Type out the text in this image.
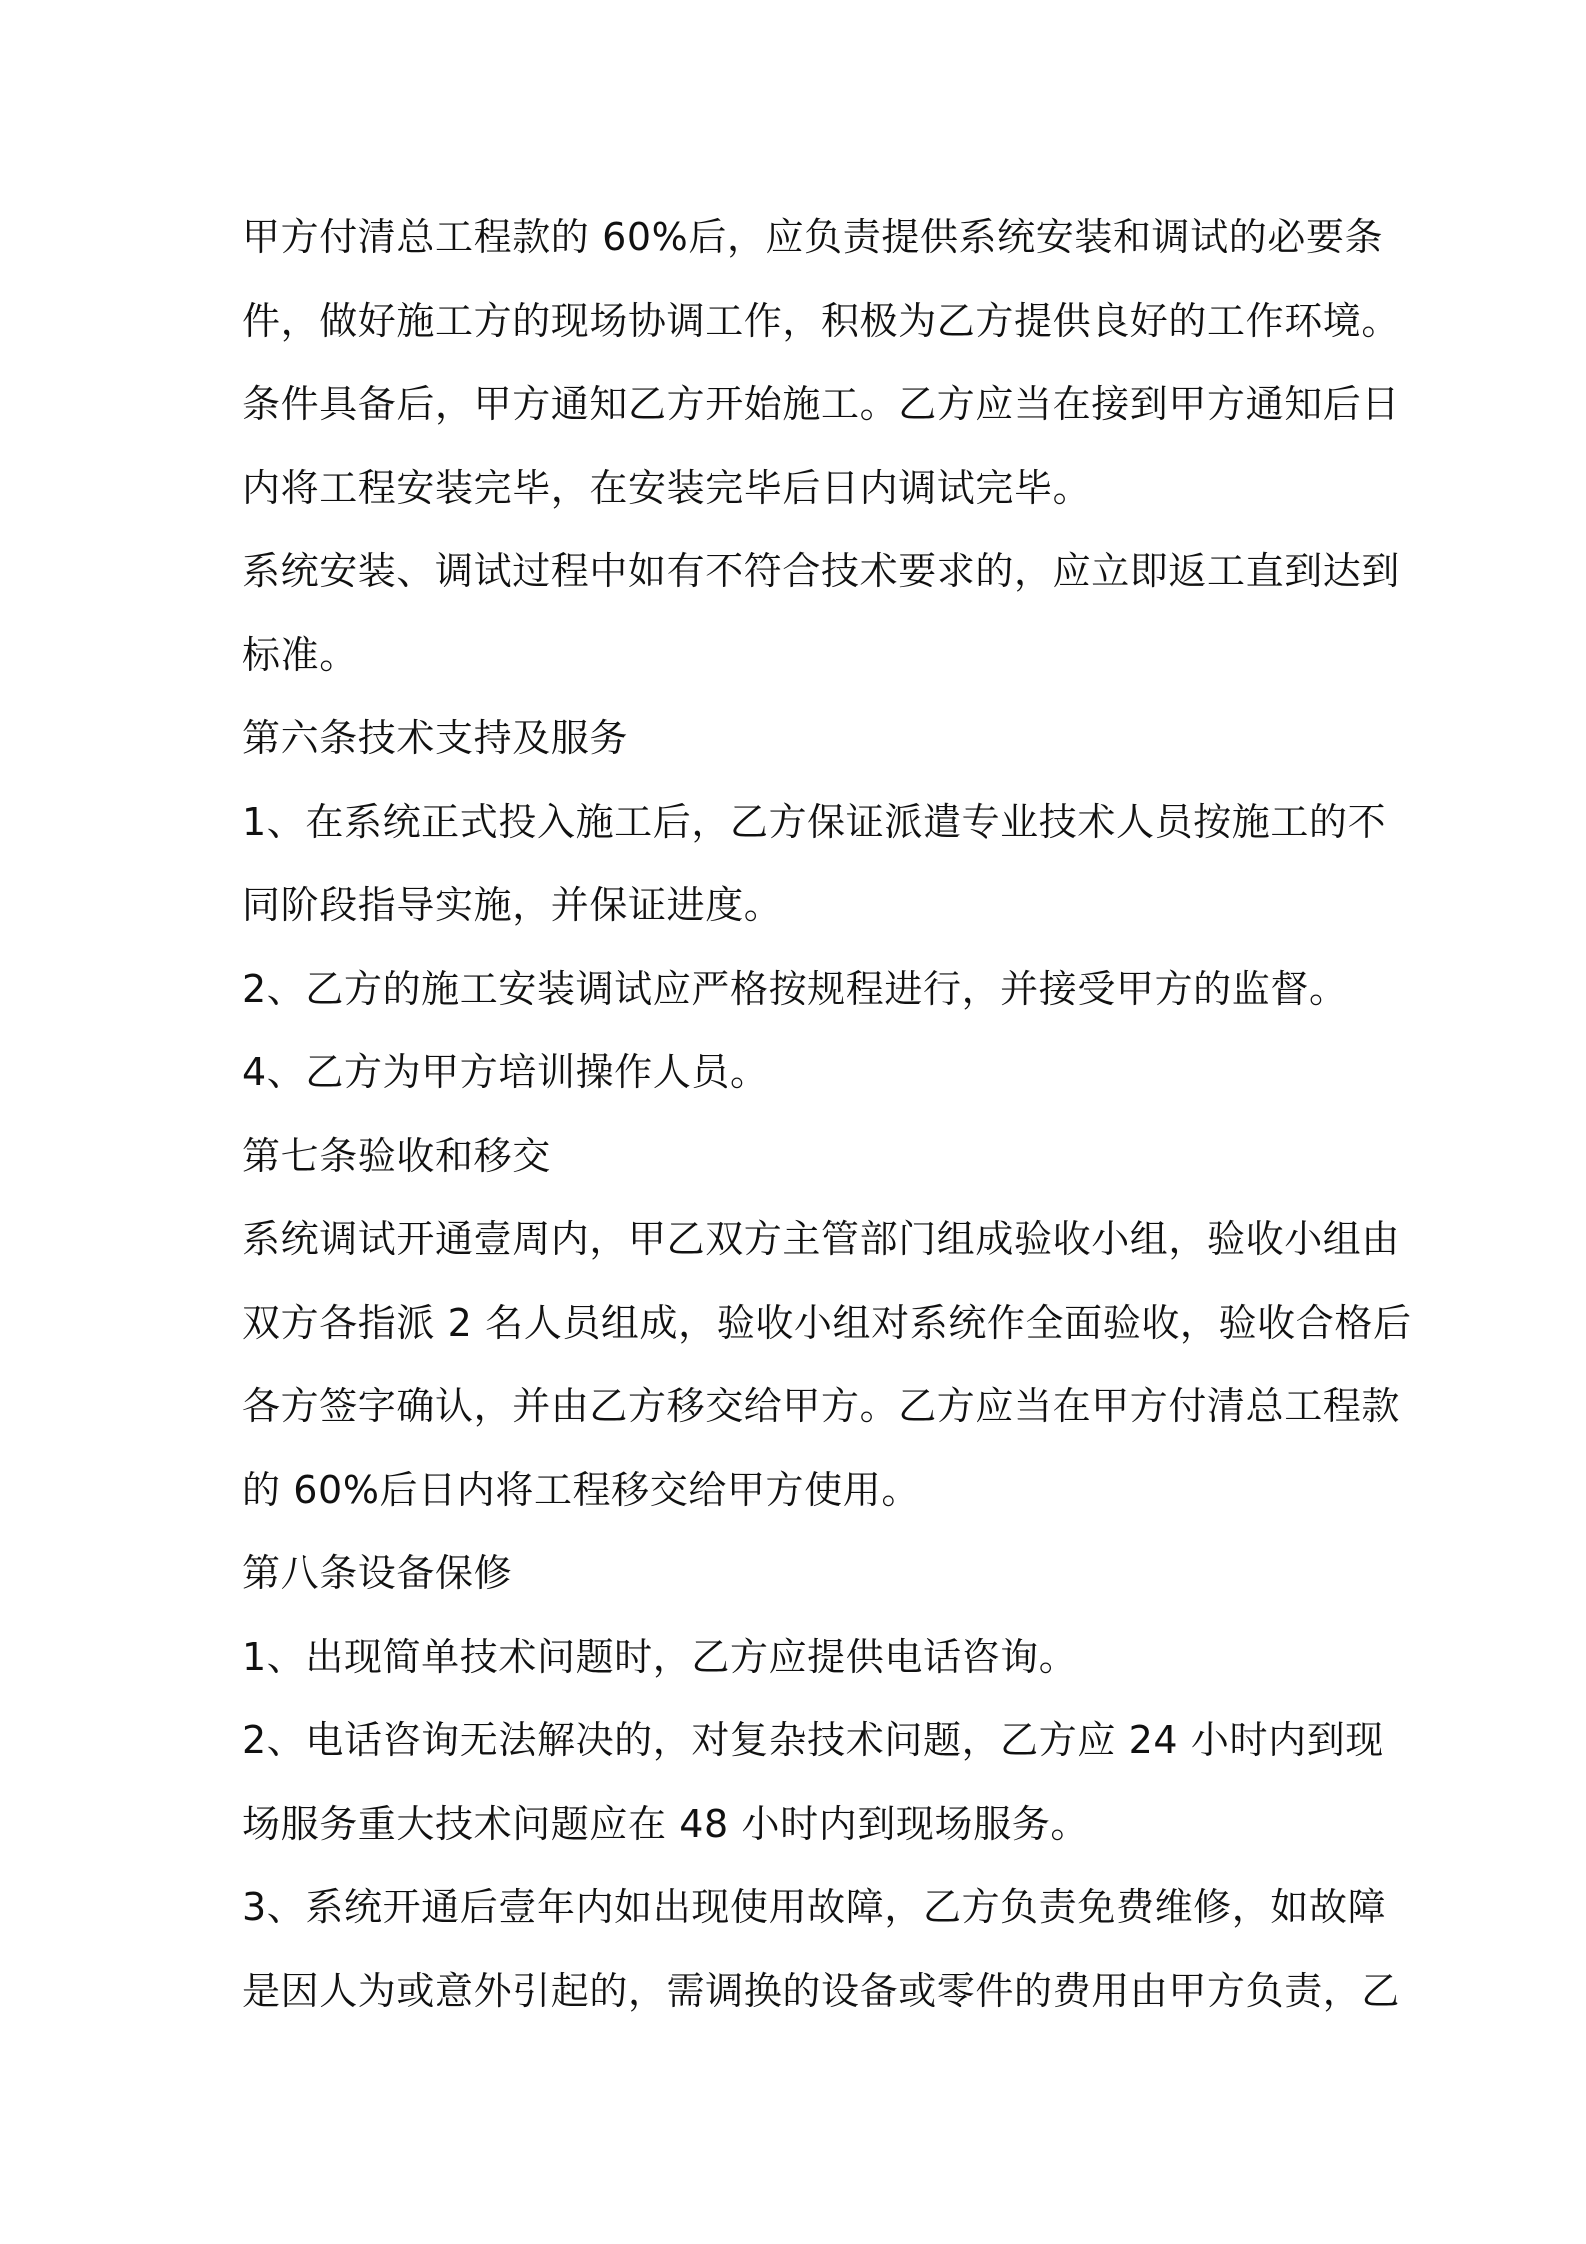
甲方付清总工程款的 60%后，应负责提供系统安装和调试的必要条
件，做好施工方的现场协调工作，积极为乙方提供良好的工作环境。
条件具备后，甲方通知乙方开始施工。乙方应当在接到甲方通知后日
内将工程安装完毕，在安装完毕后日内调试完毕。
系统安装、调试过程中如有不符合技术要求的，应立即返工直到达到
标准。
第六条技术支持及服务
1、在系统正式投入施工后，乙方保证派遣专业技术人员按施工的不
同阶段指导实施，并保证进度。
2、乙方的施工安装调试应严格按规程进行，并接受甲方的监督。
4、乙方为甲方培训操作人员。
第七条验收和移交
系统调试开通壹周内，甲乙双方主管部门组成验收小组，验收小组由
双方各指派 2 名人员组成，验收小组对系统作全面验收，验收合格后
各方签字确认，并由乙方移交给甲方。乙方应当在甲方付清总工程款
的 60%后日内将工程移交给甲方使用。
第八条设备保修
1、出现简单技术问题时，乙方应提供电话咨询。
2、电话咨询无法解决的，对复杂技术问题，乙方应 24 小时内到现
场服务重大技术问题应在 48 小时内到现场服务。
3、系统开通后壹年内如出现使用故障，乙方负责免费维修，如故障
是因人为或意外引起的，需调换的设备或零件的费用由甲方负责，乙
